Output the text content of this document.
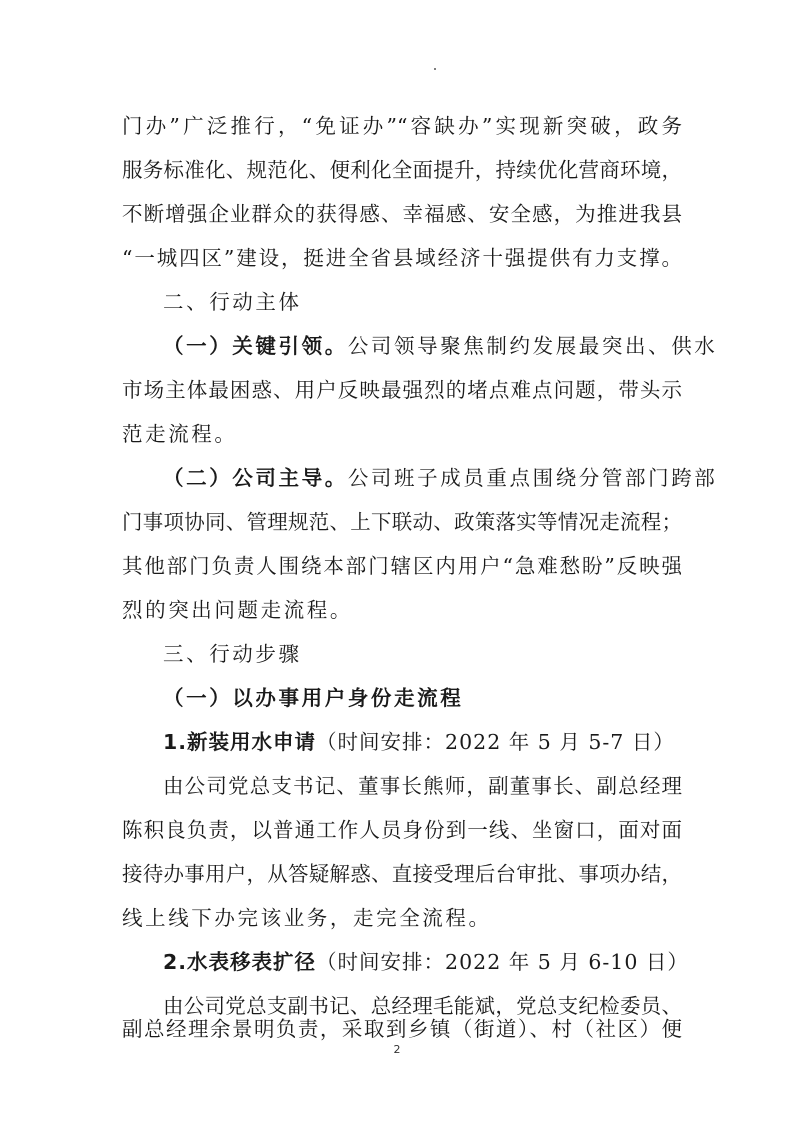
门办”广泛推行，“免证办”“容缺办”实现新突破，政务
服务标准化、规范化、便利化全面提升，持续优化营商环境，
不断增强企业群众的获得感、幸福感、安全感，为推进我县
“一城四区”建设，挺进全省县域经济十强提供有力支撑。
二、行动主体
（一）关键引领。公司领导聚焦制约发展最突出、供水
市场主体最困惑、用户反映最强烈的堵点难点问题，带头示
范走流程。
（二）公司主导。公司班子成员重点围绕分管部门跨部
门事项协同、管理规范、上下联动、政策落实等情况走流程；
其他部门负责人围绕本部门辖区内用户“急难愁盼”反映强
烈的突出问题走流程。
三、行动步骤
（一）以办事用户身份走流程
1.新装用水申请（时间安排：2022 年 5 月 5-7 日）
由公司党总支书记、董事长熊师，副董事长、副总经理
陈积良负责，以普通工作人员身份到一线、坐窗口，面对面
接待办事用户，从答疑解惑、直接受理后台审批、事项办结，
线上线下办完该业务，走完全流程。
2.水表移表扩径（时间安排：2022 年 5 月 6-10 日）
由公司党总支副书记、总经理毛能斌，党总支纪检委员、
副总经理余景明负责，采取到乡镇（街道）、村（社区）便
2
